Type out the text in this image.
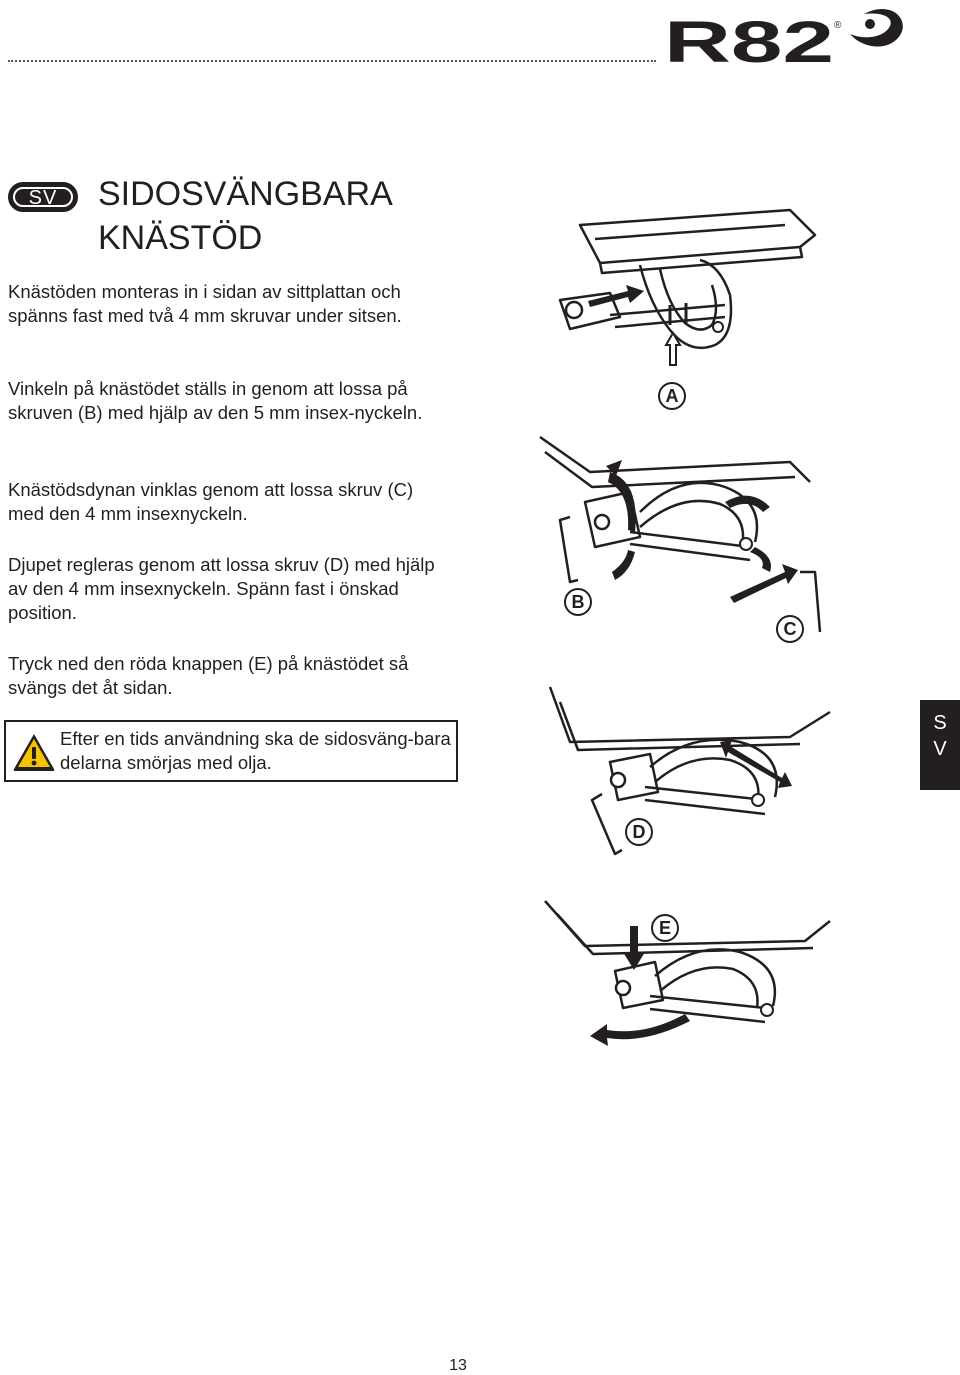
R82 ®
SV	SIDOSVÄNGBARA
KNÄSTÖD

Knästöden monteras in i sidan av sittplattan och spänns fast med två 4 mm skruvar under sitsen.

Vinkeln på knästödet ställs in genom att lossa på skruven (B) med hjälp av den 5 mm insex-nyckeln.

Knästödsdynan vinklas genom att lossa skruv (C) med den 4 mm insexnyckeln.

Djupet regleras genom att lossa skruv (D) med hjälp av den 4 mm insexnyckeln. Spänn fast i önskad position.

Tryck ned den röda knappen (E) på knästödet så svängs det åt sidan.

Efter en tids användning ska de sidosväng-bara delarna smörjas med olja.
S
V
A
B
C
D
E
13
